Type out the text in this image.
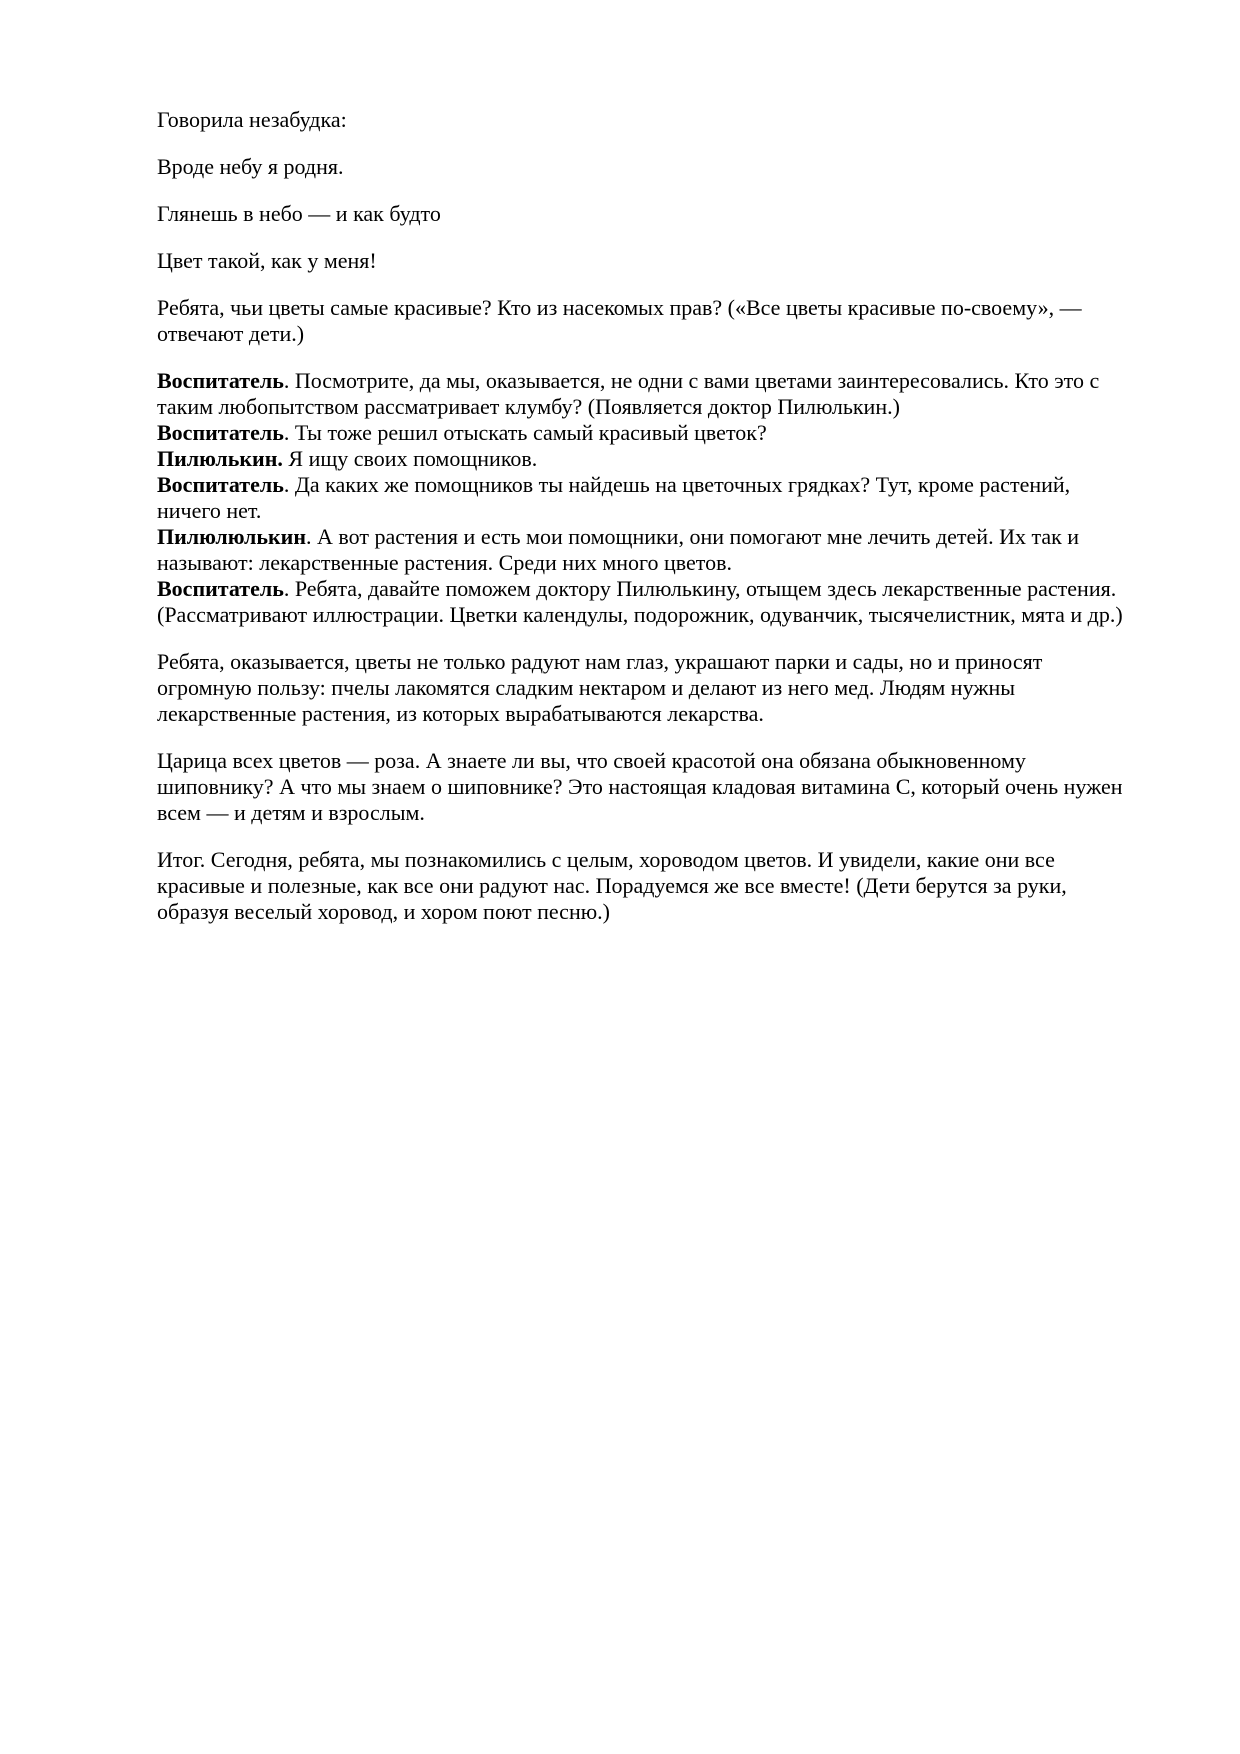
Говорила незабудка:

Вроде небу я родня.

Глянешь в небо — и как будто

Цвет такой, как у меня!

Ребята, чьи цветы самые красивые? Кто из насекомых прав? («Все цветы красивые по-своему», — отвечают дети.)

Воспитатель. Посмотрите, да мы, оказывается, не одни с вами цветами заинтересовались. Кто это с таким любопытством рассматривает клумбу? (Появляется доктор Пилюлькин.)

Воспитатель. Ты тоже решил отыскать самый красивый цветок?

Пилюлькин. Я ищу своих помощников.

Воспитатель. Да каких же помощников ты найдешь на цветочных грядках? Тут, кроме растений, ничего нет.

Пилюлюлькин. А вот растения и есть мои помощники, они помогают мне лечить детей. Их так и называют: лекарственные растения. Среди них много цветов.

Воспитатель. Ребята, давайте поможем доктору Пилюлькину, отыщем здесь лекарственные растения. (Рассматривают иллюстрации. Цветки календулы, подорожник, одуванчик, тысячелистник, мята и др.)

Ребята, оказывается, цветы не только радуют нам глаз, украшают парки и сады, но и приносят огромную пользу: пчелы лакомятся сладким нектаром и делают из него мед. Людям нужны лекарственные растения, из которых вырабатываются лекарства.

Царица всех цветов — роза. А знаете ли вы, что своей красотой она обязана обыкновенному шиповнику? А что мы знаем о шиповнике? Это настоящая кладовая витамина С, который очень нужен всем — и детям и взрослым.

Итог. Сегодня, ребята, мы познакомились с целым, хороводом цветов. И увидели, какие они все красивые и полезные, как все они радуют нас. Порадуемся же все вместе! (Дети берутся за руки, образуя веселый хоровод, и хором поют песню.)
